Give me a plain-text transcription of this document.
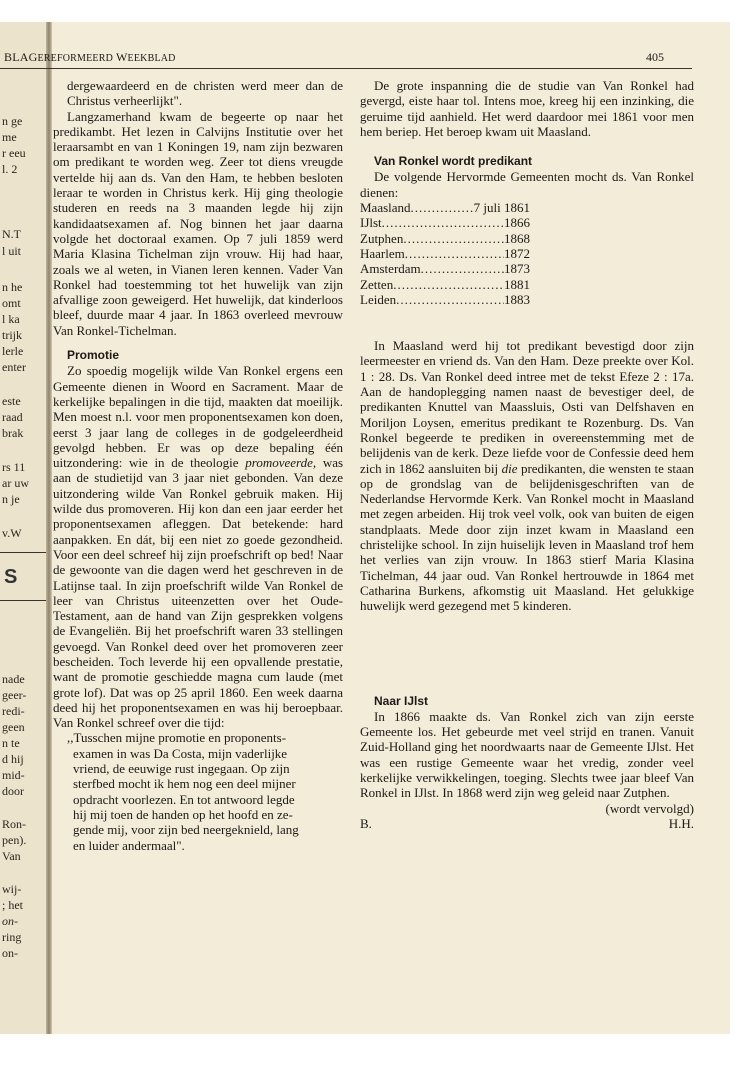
n ge
me
r eeu
l. 2
N.T
l uit
n he
omt
l ka
trijk
lerle
enter
este
raad
brak
rs 11
ar uw
n je
v.W
nade
geer-
redi-
geen
n te
d hij
mid-
door
Ron-
pen).
Van
wij-
; het
on-
ring
on-
S
BLAGEREFORMEERD WEEKBLAD	405

dergewaardeerd en de christen werd meer dan de Christus verheerlijkt".

Langzamerhand kwam de begeerte op naar het predikambt. Het lezen in Calvijns Institutie over het leraarsambt en van 1 Koningen 19, nam zijn bezwaren om predikant te worden weg. Zeer tot diens vreugde vertelde hij aan ds. Van den Ham, te hebben besloten leraar te worden in Christus kerk. Hij ging theologie studeren en reeds na 3 maanden legde hij zijn kandidaatsexamen af. Nog binnen het jaar daarna volgde het doctoraal examen. Op 7 juli 1859 werd Maria Klasina Tichelman zijn vrouw. Hij had haar, zoals we al weten, in Vianen leren kennen. Vader Van Ronkel had toestemming tot het huwelijk van zijn afvallige zoon geweigerd. Het huwelijk, dat kinderloos bleef, duurde maar 4 jaar. In 1863 overleed mevrouw Van Ronkel-Tichelman.

Promotie

Zo spoedig mogelijk wilde Van Ronkel ergens een Gemeente dienen in Woord en Sacrament. Maar de kerkelijke bepalingen in die tijd, maakten dat moeilijk. Men moest n.l. voor men proponentsexamen kon doen, eerst 3 jaar lang de colleges in de godgeleerdheid gevolgd hebben. Er was op deze bepaling één uitzondering: wie in de theologie promoveerde, was aan de studietijd van 3 jaar niet gebonden. Van deze uitzondering wilde Van Ronkel gebruik maken. Hij wilde dus promoveren. Hij kon dan een jaar eerder het proponentsexamen afleggen. Dat betekende: hard aanpakken. En dát, bij een niet zo goede gezondheid. Voor een deel schreef hij zijn proefschrift op bed! Naar de gewoonte van die dagen werd het geschreven in de Latijnse taal. In zijn proefschrift wilde Van Ronkel de leer van Christus uiteenzetten over het Oude-Testament, aan de hand van Zijn gesprekken volgens de Evangeliën. Bij het proefschrift waren 33 stellingen gevoegd. Van Ronkel deed over het promoveren zeer bescheiden. Toch leverde hij een opvallende prestatie, want de promotie geschiedde magna cum laude (met grote lof). Dat was op 25 april 1860. Een week daarna deed hij het proponentsexamen en was hij beroepbaar. Van Ronkel schreef over die tijd:

,,Tusschen mijne promotie en proponents-
examen in was Da Costa, mijn vaderlijke
vriend, de eeuwige rust ingegaan. Op zijn
sterfbed mocht ik hem nog een deel mijner
opdracht voorlezen. En tot antwoord legde
hij mij toen de handen op het hoofd en ze-
gende mij, voor zijn bed neergeknield, lang
en luider andermaal".

De grote inspanning die de studie van Van Ronkel had gevergd, eiste haar tol. Intens moe, kreeg hij een inzinking, die geruime tijd aanhield. Het werd daardoor mei 1861 voor men hem beriep. Het beroep kwam uit Maasland.

Van Ronkel wordt predikant

De volgende Hervormde Gemeenten mocht ds. Van Ronkel dienen:

Maasland .....	7 juli 1861
IJlst .....	1866
Zutphen .....	1868
Haarlem .....	1872
Amsterdam .....	1873
Zetten .....	1881
Leiden .....	1883

In Maasland werd hij tot predikant bevestigd door zijn leermeester en vriend ds. Van den Ham. Deze preekte over Kol. 1 : 28. Ds. Van Ronkel deed intree met de tekst Efeze 2 : 17a. Aan de handoplegging namen naast de bevestiger deel, de predikanten Knuttel van Maassluis, Osti van Delfshaven en Moriljon Loysen, emeritus predikant te Rozenburg. Ds. Van Ronkel begeerde te prediken in overeenstemming met de belijdenis van de kerk. Deze liefde voor de Confessie deed hem zich in 1862 aansluiten bij die predikanten, die wensten te staan op de grondslag van de belijdenisgeschriften van de Nederlandse Hervormde Kerk. Van Ronkel mocht in Maasland met zegen arbeiden. Hij trok veel volk, ook van buiten de eigen standplaats. Mede door zijn inzet kwam in Maasland een christelijke school. In zijn huiselijk leven in Maasland trof hem het verlies van zijn vrouw. In 1863 stierf Maria Klasina Tichelman, 44 jaar oud. Van Ronkel hertrouwde in 1864 met Catharina Burkens, afkomstig uit Maasland. Het gelukkige huwelijk werd gezegend met 5 kinderen.

Naar IJlst

In 1866 maakte ds. Van Ronkel zich van zijn eerste Gemeente los. Het gebeurde met veel strijd en tranen. Vanuit Zuid-Holland ging het noordwaarts naar de Gemeente IJlst. Het was een rustige Gemeente waar het vredig, zonder veel kerkelijke verwikkelingen, toeging. Slechts twee jaar bleef Van Ronkel in IJlst. In 1868 werd zijn weg geleid naar Zutphen.

(wordt vervolgd)

B.	H.H.
